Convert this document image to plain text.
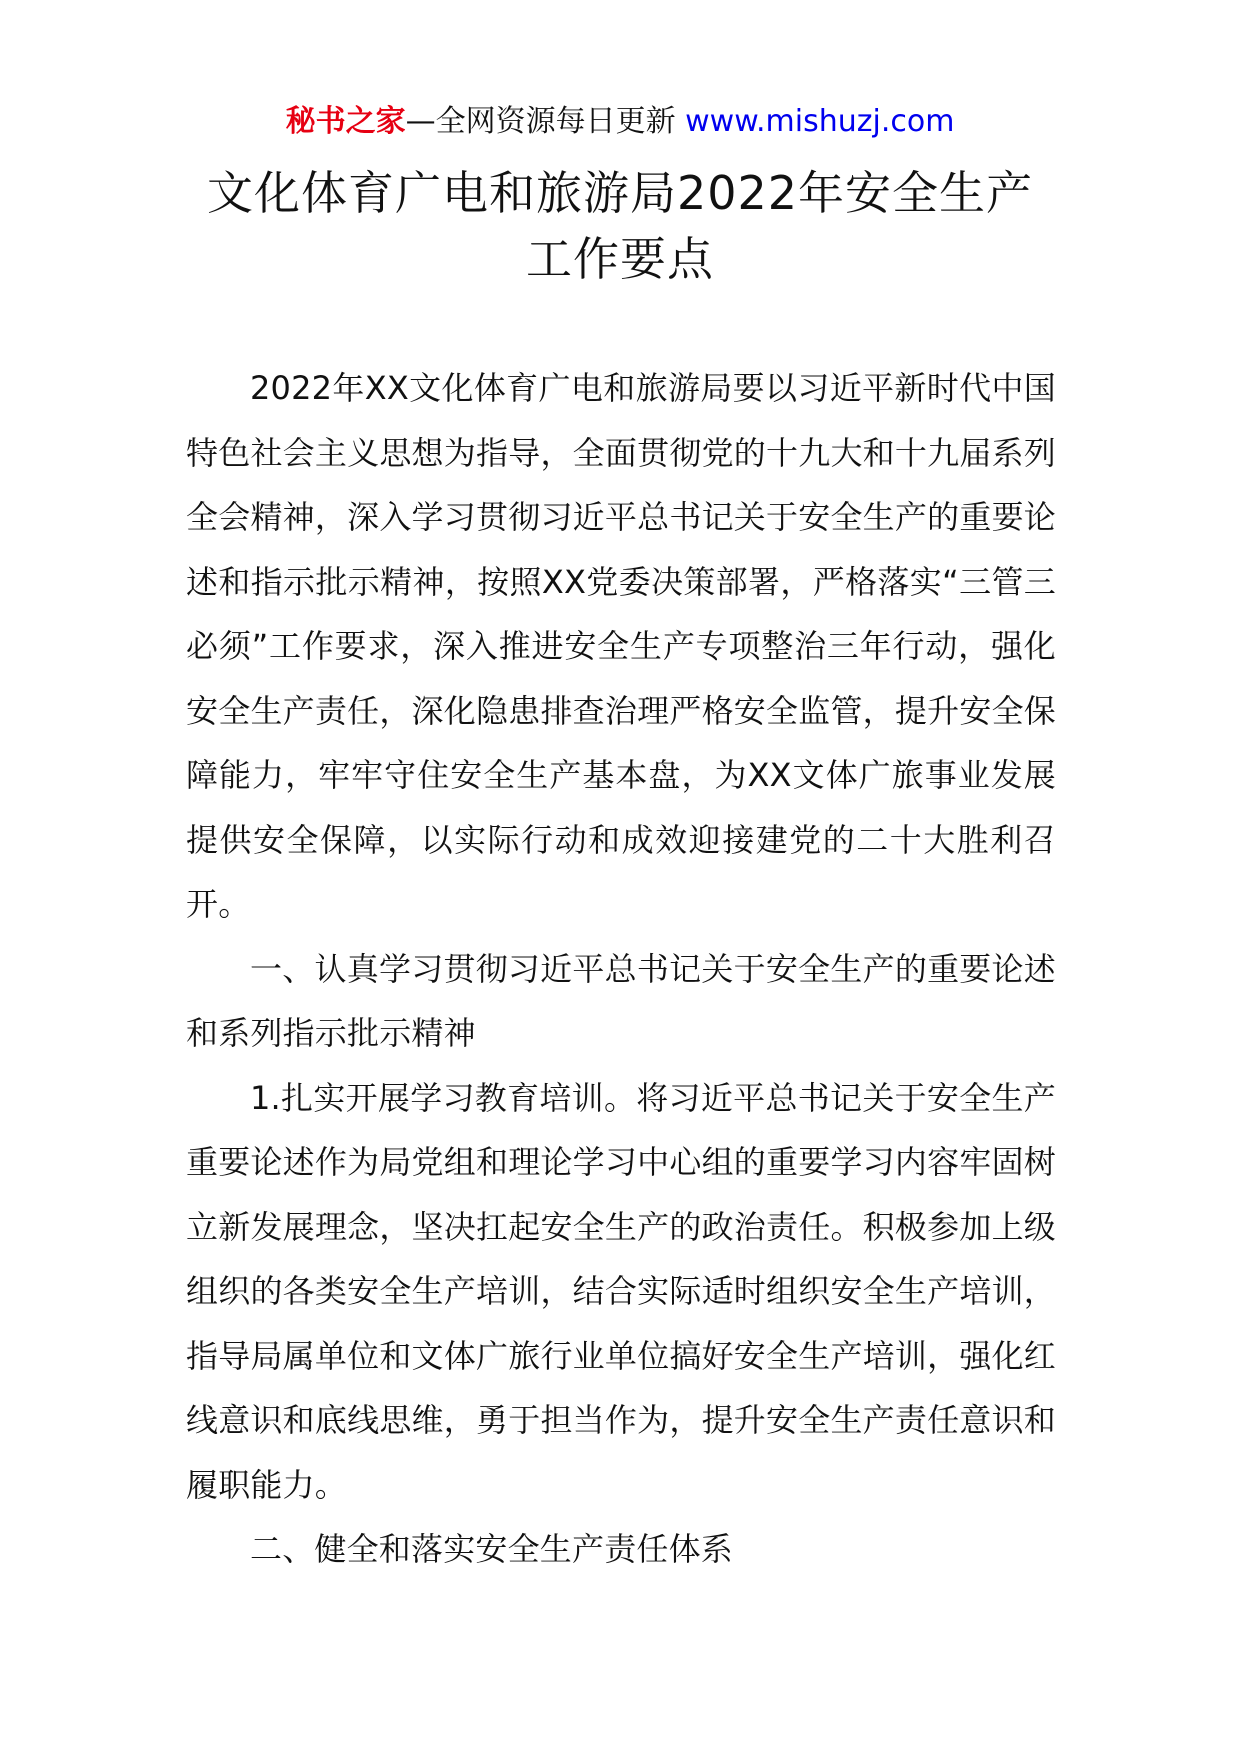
秘书之家—全网资源每日更新 www.mishuzj.com
文化体育广电和旅游局2022年安全生产
工作要点

2022年XX文化体育广电和旅游局要以习近平新时代中国特色社会主义思想为指导，全面贯彻党的十九大和十九届系列全会精神，深入学习贯彻习近平总书记关于安全生产的重要论述和指示批示精神，按照XX党委决策部署，严格落实“三管三必须”工作要求，深入推进安全生产专项整治三年行动，强化安全生产责任，深化隐患排查治理严格安全监管，提升安全保障能力，牢牢守住安全生产基本盘，为XX文体广旅事业发展提供安全保障，以实际行动和成效迎接建党的二十大胜利召开。

一、认真学习贯彻习近平总书记关于安全生产的重要论述和系列指示批示精神

1.扎实开展学习教育培训。将习近平总书记关于安全生产重要论述作为局党组和理论学习中心组的重要学习内容牢固树立新发展理念，坚决扛起安全生产的政治责任。积极参加上级组织的各类安全生产培训，结合实际适时组织安全生产培训，指导局属单位和文体广旅行业单位搞好安全生产培训，强化红线意识和底线思维，勇于担当作为，提升安全生产责任意识和履职能力。

二、健全和落实安全生产责任体系
